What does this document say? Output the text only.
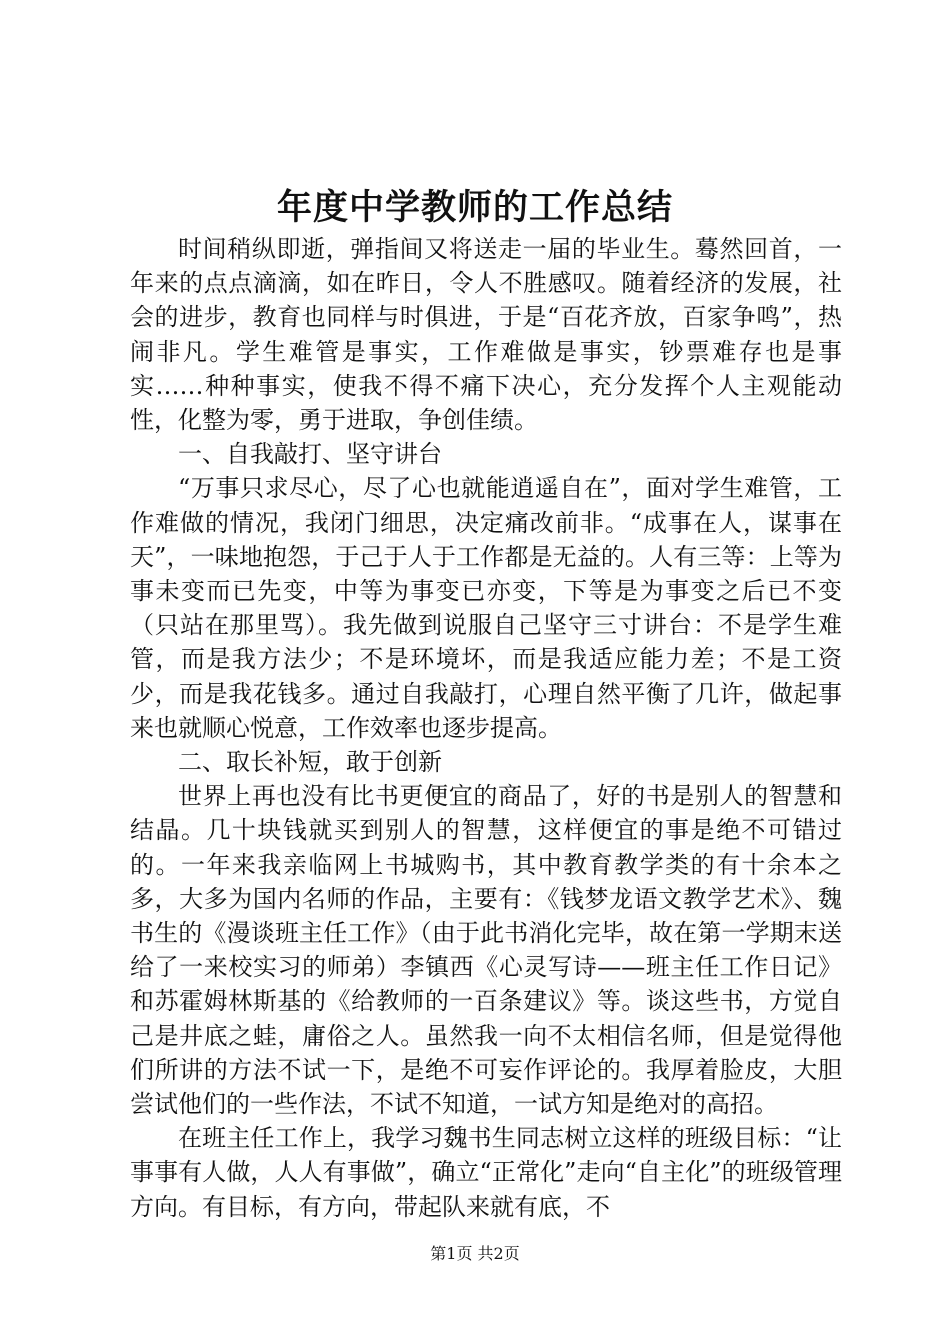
年度中学教师的工作总结

时间稍纵即逝，弹指间又将送走一届的毕业生。蓦然回首，一年来的点点滴滴，如在昨日，令人不胜感叹。随着经济的发展，社会的进步，教育也同样与时俱进，于是“百花齐放，百家争鸣”，热闹非凡。学生难管是事实，工作难做是事实，钞票难存也是事实……种种事实，使我不得不痛下决心，充分发挥个人主观能动性，化整为零，勇于进取，争创佳绩。

一、自我敲打、坚守讲台

“万事只求尽心，尽了心也就能逍遥自在”，面对学生难管，工作难做的情况，我闭门细思，决定痛改前非。“成事在人，谋事在天”，一味地抱怨，于己于人于工作都是无益的。人有三等：上等为事未变而已先变，中等为事变已亦变，下等是为事变之后已不变（只站在那里骂）。我先做到说服自己坚守三寸讲台：不是学生难管，而是我方法少；不是环境坏，而是我适应能力差；不是工资少，而是我花钱多。通过自我敲打，心理自然平衡了几许，做起事来也就顺心悦意，工作效率也逐步提高。

二、取长补短，敢于创新

世界上再也没有比书更便宜的商品了，好的书是别人的智慧和结晶。几十块钱就买到别人的智慧，这样便宜的事是绝不可错过的。一年来我亲临网上书城购书，其中教育教学类的有十余本之多，大多为国内名师的作品，主要有：《钱梦龙语文教学艺术》、魏书生的《漫谈班主任工作》（由于此书消化完毕，故在第一学期末送给了一来校实习的师弟）李镇西《心灵写诗——班主任工作日记》和苏霍姆林斯基的《给教师的一百条建议》等。谈这些书，方觉自己是井底之蛙，庸俗之人。虽然我一向不太相信名师，但是觉得他们所讲的方法不试一下，是绝不可妄作评论的。我厚着脸皮，大胆尝试他们的一些作法，不试不知道，一试方知是绝对的高招。

在班主任工作上，我学习魏书生同志树立这样的班级目标：“让事事有人做，人人有事做”，确立“正常化”走向“自主化”的班级管理方向。有目标，有方向，带起队来就有底，不

第1页 共2页
